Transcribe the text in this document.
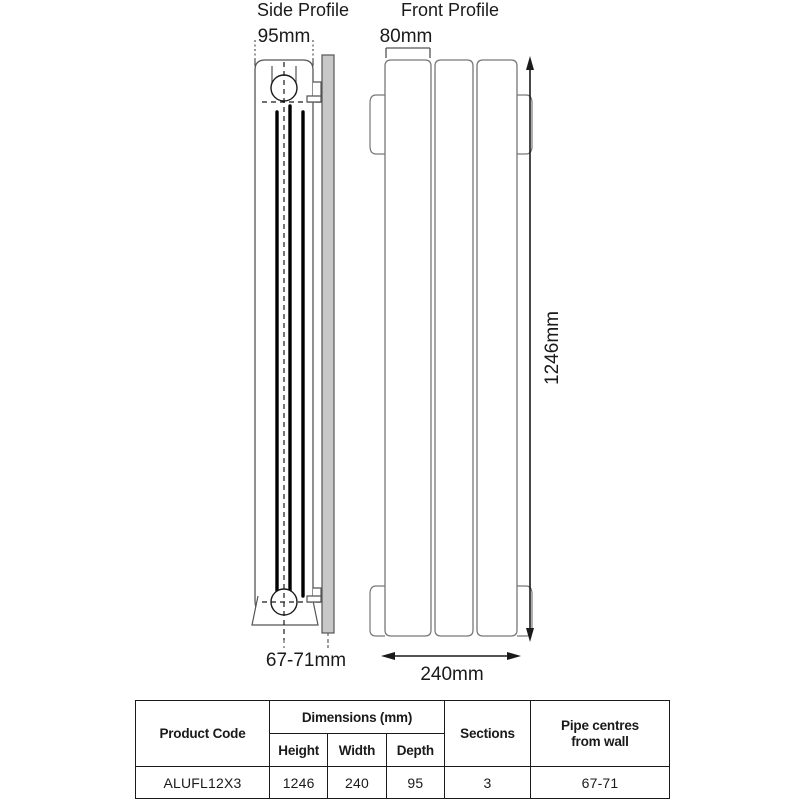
Side Profile
95mm
67-71mm
Front Profile
80mm
1246mm
240mm
Product Code	Dimensions (mm)			Sections	Pipe centres
from wall
	Height	Width	Depth		
ALUFL12X3	1246	240	95	3	67-71
